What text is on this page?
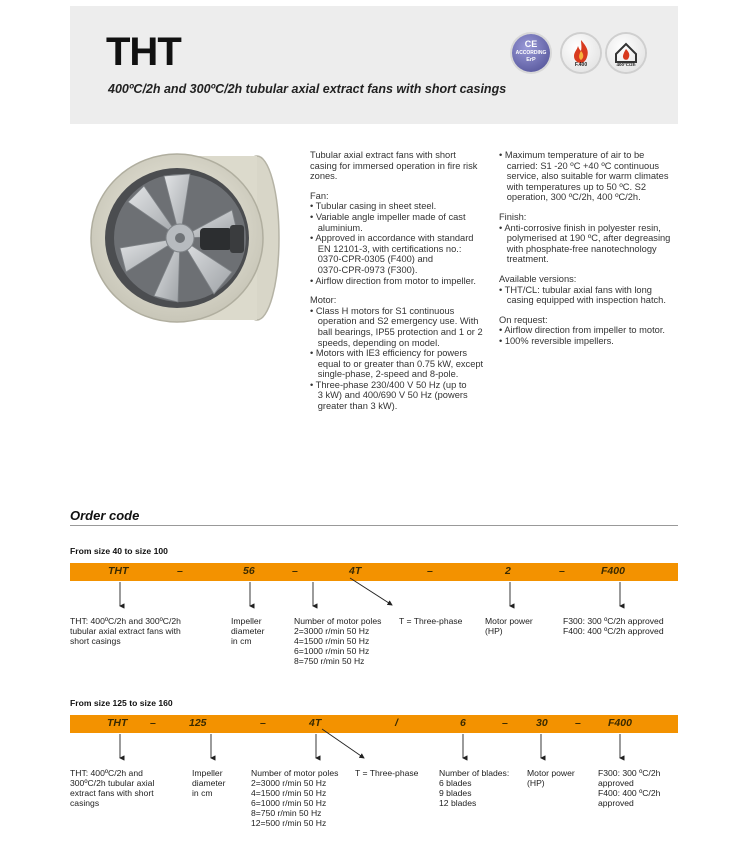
THT
400ºC/2h and 300ºC/2h tubular axial extract fans with short casings
CE
ACCORDING
ErP
F.400	400ºC/2h

Tubular axial extract fans with short

casing for immersed operation in fire risk

zones.

Fan:

• Tubular casing in sheet steel.

• Variable angle impeller made of cast

aluminium.

• Approved in accordance with standard

EN 12101-3, with certifications no.:

0370-CPR-0305 (F400) and

0370-CPR-0973 (F300).

• Airflow direction from motor to impeller.

Motor:

• Class H motors for S1 continuous

operation and S2 emergency use. With

ball bearings, IP55 protection and 1 or 2

speeds, depending on model.

• Motors with IE3 efficiency for powers

equal to or greater than 0.75 kW, except

single-phase, 2-speed and 8-pole.

• Three-phase 230/400 V 50 Hz (up to

3 kW) and 400/690 V 50 Hz (powers

greater than 3 kW).

• Maximum temperature of air to be

carried: S1 -20 ºC +40 ºC continuous

service, also suitable for warm climates

with temperatures up to 50 ºC. S2

operation, 300 ºC/2h, 400 ºC/2h.

Finish:

• Anti-corrosive finish in polyester resin,

polymerised at 190 ºC, after degreasing

with phosphate-free nanotechnology

treatment.

Available versions:

• THT/CL: tubular axial fans with long

casing equipped with inspection hatch.

On request:

• Airflow direction from impeller to motor.

• 100% reversible impellers.

Order code
From size 40 to size 100
THT	–	56	–	4T	–	2	–	F400
THT: 400ºC/2h and 300ºC/2h
tubular axial extract fans with
short casings
Impeller
diameter
in cm
Number of motor poles
2=3000 r/min 50 Hz
4=1500 r/min 50 Hz
6=1000 r/min 50 Hz
8=750 r/min 50 Hz
T = Three-phase	Motor power
(HP)
F300: 300 ºC/2h approved
F400: 400 ºC/2h approved
From size 125 to size 160
THT –	125	–	4T	/	6	–	30	–	F400
THT: 400ºC/2h and
300ºC/2h tubular axial
extract fans with short
casings
Impeller
diameter
in cm
Number of motor poles
2=3000 r/min 50 Hz
4=1500 r/min 50 Hz
6=1000 r/min 50 Hz
8=750 r/min 50 Hz
12=500 r/min 50 Hz
T = Three-phase Number of blades:
6 blades
9 blades
12 blades
Motor power
(HP)
F300: 300 ºC/2h
approved
F400: 400 ºC/2h
approved
